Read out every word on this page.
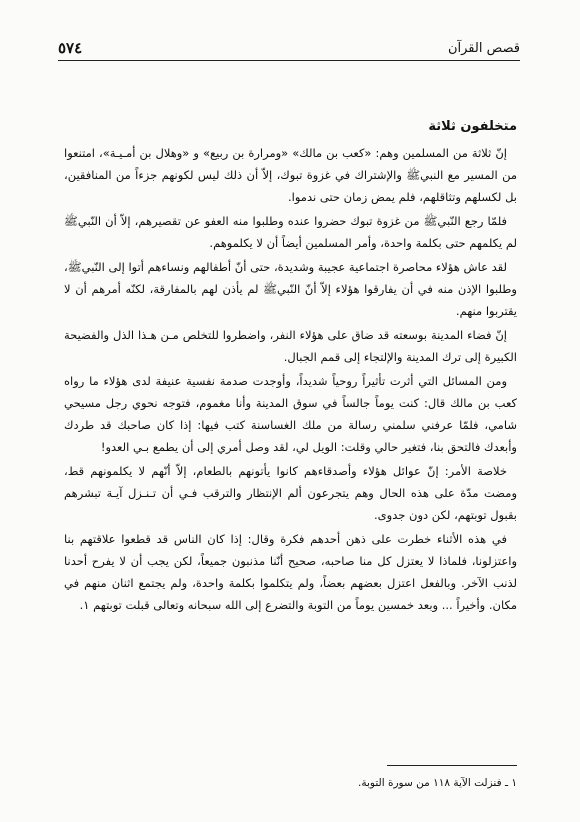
٥٧٤	قصص القرآن
متخلفون ثلاثة

إنّ ثلاثة من المسلمين وهم: «كعب بن مالك» «ومرارة بن ربيع» و «وهلال بن أمـيـة»، امتنعوا من المسير مع النبيﷺ والإشتراك في غزوة تبوك، إلاّ أن ذلك ليس لكونهم جزءاً من المنافقين، بل لكسلهم وتثاقلهم، فلم يمض زمان حتى ندموا.

فلمّا رجع النّبيﷺ من غزوة تبوك حضروا عنده وطلبوا منه العفو عن تقصيرهم، إلاّ أن النّبيﷺ لم يكلمهم حتى بكلمة واحدة، وأمر المسلمين أيضاً أن لا يكلموهم.

لقد عاش هؤلاء محاصرة اجتماعية عجيبة وشديدة، حتى أنّ أطفالهم ونساءهم أتوا إلى النّبيﷺ، وطلبوا الإذن منه في أن يفارقوا هؤلاء إلاّ أنّ النّبيﷺ لم يأذن لهم بالمفارقة، لكنّه أمرهم أن لا يقتربوا منهم.

إنّ فضاء المدينة بوسعته قد ضاق على هؤلاء النفر، واضطروا للتخلص مـن هـذا الذل والفضيحة الكبيرة إلى ترك المدينة والإلتجاء إلى قمم الجبال.

ومن المسائل التي أثرت تأثيراً روحياً شديداً، وأوجدت صدمة نفسية عنيفة لدى هؤلاء ما رواه كعب بن مالك قال: كنت يوماً جالساً في سوق المدينة وأنا مغموم، فتوجه نحوي رجل مسيحي شامي، فلمّا عرفني سلمني رسالة من ملك الغساسنة كتب فيها: إذا كان صاحبك قد طردك وأبعدك فالتحق بنا، فتغير حالي وقلت: الويل لي، لقد وصل أمري إلى أن يطمع بـي العدو!

خلاصة الأمر: إنّ عوائل هؤلاء وأصدقاءهم كانوا يأتونهم بالطعام، إلاّ أنّهم لا يكلمونهم قط، ومضت مدّة على هذه الحال وهم يتجرعون ألم الإنتظار والترقب فـي أن تـنـزل آيـة تبشرهم بقبول توبتهم، لكن دون جدوى.

في هذه الأثناء خطرت على ذهن أحدهم فكرة وقال: إذا كان الناس قد قطعوا علاقتهم بنا واعتزلونا، فلماذا لا يعتزل كل منا صاحبه، صحيح أنّنا مذنبون جميعاً، لكن يجب أن لا يفرح أحدنا لذنب الآخر. وبالفعل اعتزل بعضهم بعضاً، ولم يتكلموا بكلمة واحدة، ولم يجتمع اثنان منهم في مكان. وأخيراً ... وبعد خمسين يوماً من التوبة والتضرع إلى الله سبحانه وتعالى قبلت توبتهم ١.

١ ـ فنزلت الآية ١١٨ من سورة التوبة.
